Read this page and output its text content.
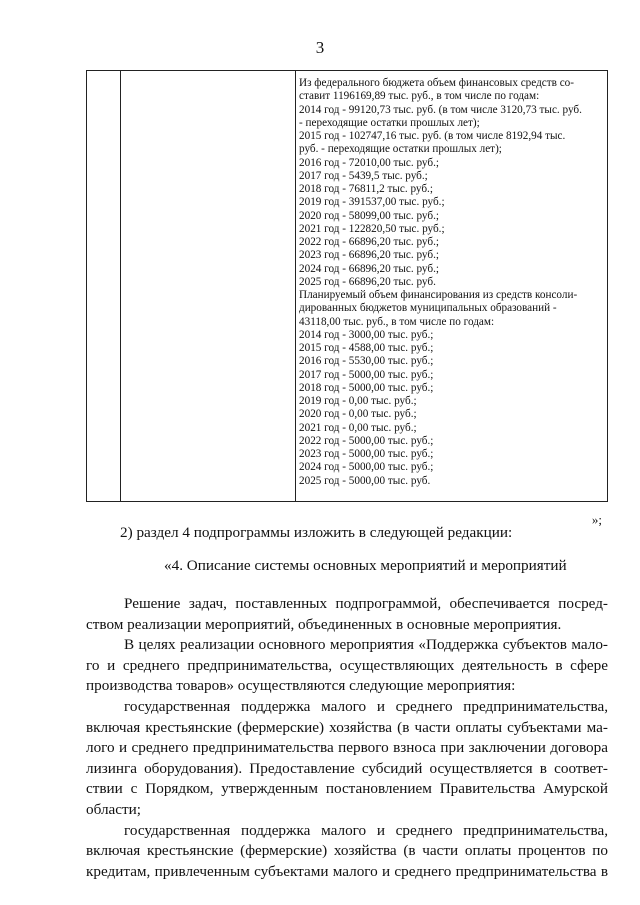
3
Из федерального бюджета объем финансовых средств со-
ставит 1196169,89 тыс. руб., в том числе по годам:
2014 год - 99120,73 тыс. руб. (в том числе 3120,73 тыс. руб.
- переходящие остатки прошлых лет);
2015 год - 102747,16 тыс. руб. (в том числе 8192,94 тыс.
руб. - переходящие остатки прошлых лет);
2016 год - 72010,00 тыс. руб.;
2017 год - 5439,5 тыс. руб.;
2018 год - 76811,2 тыс. руб.;
2019 год - 391537,00 тыс. руб.;
2020 год - 58099,00 тыс. руб.;
2021 год - 122820,50 тыс. руб.;
2022 год - 66896,20 тыс. руб.;
2023 год - 66896,20 тыс. руб.;
2024 год - 66896,20 тыс. руб.;
2025 год - 66896,20 тыс. руб.
Планируемый объем финансирования из средств консоли-
дированных бюджетов муниципальных образований -
43118,00 тыс. руб., в том числе по годам:
2014 год - 3000,00 тыс. руб.;
2015 год - 4588,00 тыс. руб.;
2016 год - 5530,00 тыс. руб.;
2017 год - 5000,00 тыс. руб.;
2018 год - 5000,00 тыс. руб.;
2019 год - 0,00 тыс. руб.;
2020 год - 0,00 тыс. руб.;
2021 год - 0,00 тыс. руб.;
2022 год - 5000,00 тыс. руб.;
2023 год - 5000,00 тыс. руб.;
2024 год - 5000,00 тыс. руб.;
2025 год - 5000,00 тыс. руб.
»;
2) раздел 4 подпрограммы изложить в следующей редакции:
«4. Описание системы основных мероприятий и мероприятий
Решение задач, поставленных подпрограммой, обеспечивается посред-
ством реализации мероприятий, объединенных в основные мероприятия.
В целях реализации основного мероприятия «Поддержка субъектов мало-
го и среднего предпринимательства, осуществляющих деятельность в сфере
производства товаров» осуществляются следующие мероприятия:
государственная поддержка малого и среднего предпринимательства,
включая крестьянские (фермерские) хозяйства (в части оплаты субъектами ма-
лого и среднего предпринимательства первого взноса при заключении договора
лизинга оборудования). Предоставление субсидий осуществляется в соответ-
ствии с Порядком, утвержденным постановлением Правительства Амурской
области;
государственная поддержка малого и среднего предпринимательства,
включая крестьянские (фермерские) хозяйства (в части оплаты процентов по
кредитам, привлеченным субъектами малого и среднего предпринимательства в
